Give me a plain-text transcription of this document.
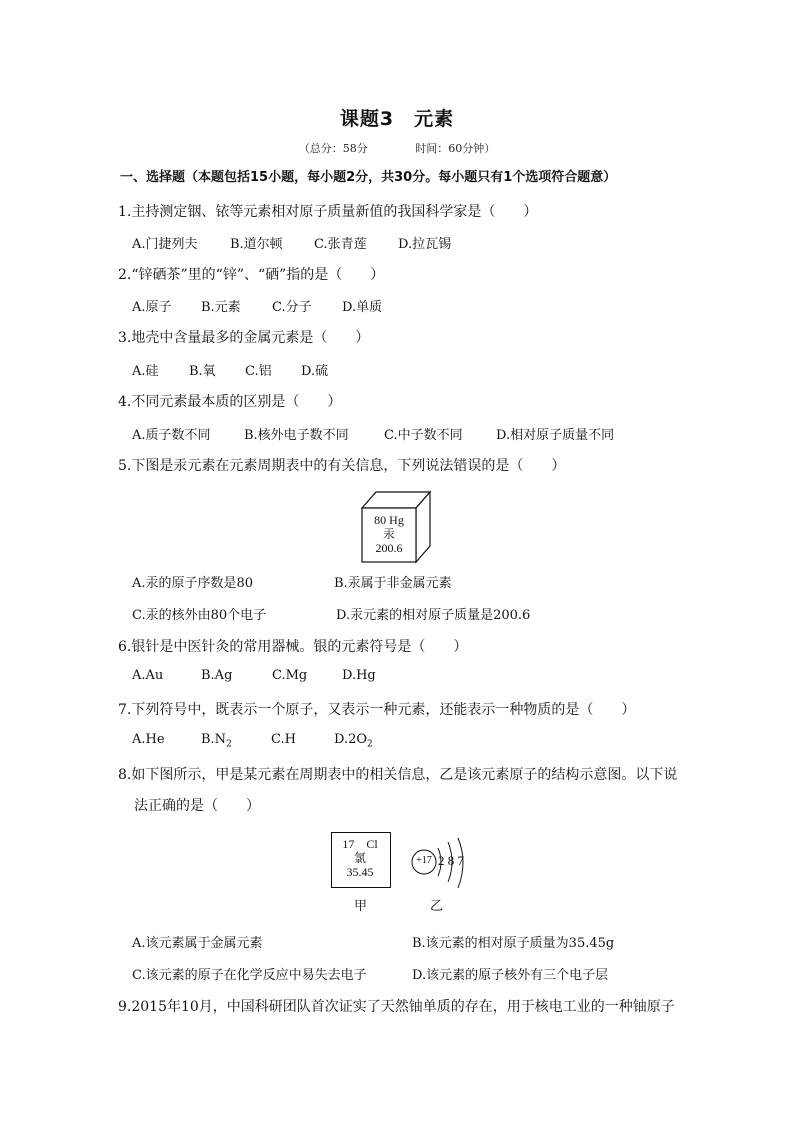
课题3　元素
（总分：58分	时间：60分钟）
一、选择题（本题包括15小题，每小题2分，共30分。每小题只有1个选项符合题意）
1.主持测定铟、铱等元素相对原子质量新值的我国科学家是（　　）
A.门捷列夫 B.道尔顿 C.张青莲 D.拉瓦锡
2.“锌硒茶”里的“锌”、“硒”指的是（　　）
A.原子 B.元素 C.分子 D.单质
3.地壳中含量最多的金属元素是（　　）
A.硅 B.氧 C.铝 D.硫
4.不同元素最本质的区别是（　　）
A.质子数不同	B.核外电子数不同	C.中子数不同	D.相对原子质量不同
5.下图是汞元素在元素周期表中的有关信息，下列说法错误的是（　　）
80 Hg
汞
200.6
A.汞的原子序数是80	B.汞属于非金属元素
C.汞的核外由80个电子	D.汞元素的相对原子质量是200.6
6.银针是中医针灸的常用器械。银的元素符号是（　　）
A.Au	B.Ag	C.Mg	D.Hg
7.下列符号中，既表示一个原子，又表示一种元素，还能表示一种物质的是（　　）
A.He	$B.N_2$	C.H	$D.2O_2$
8.如下图所示，甲是某元素在周期表中的相关信息，乙是该元素原子的结构示意图。以下说
法正确的是（　　）
17　Cl
氯
35.45
+17 2 8 7
甲	乙
A.该元素属于金属元素	B.该元素的相对原子质量为35.45g
C.该元素的原子在化学反应中易失去电子	D.该元素的原子核外有三个电子层
9.2015年10月，中国科研团队首次证实了天然铀单质的存在，用于核电工业的一种铀原子
